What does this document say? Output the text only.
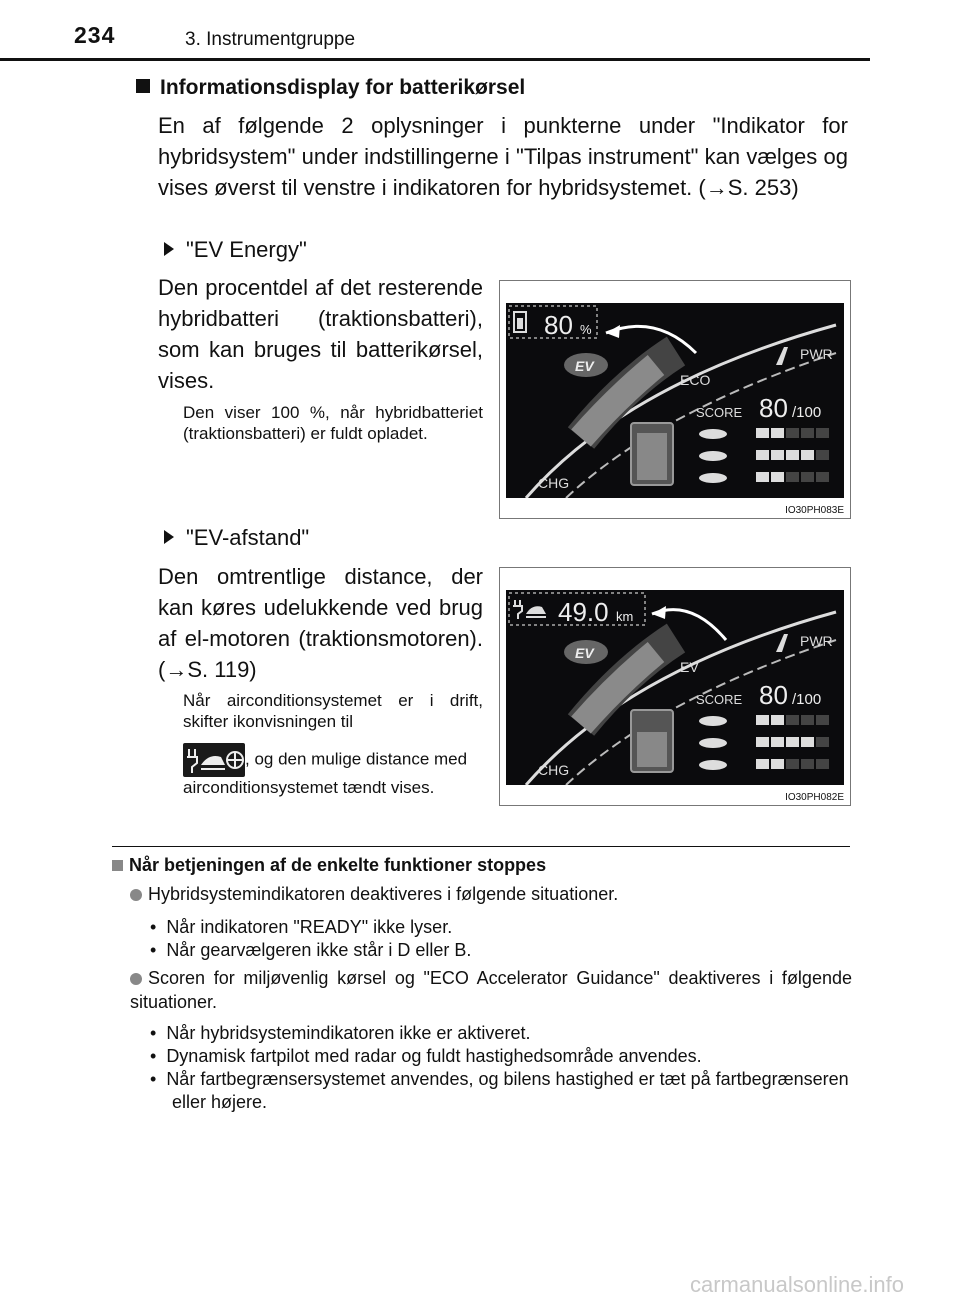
234	3. Instrumentgruppe
Informationsdisplay for batterikørsel
En af følgende 2 oplysninger i punkterne under "Indikator for hybridsystem" under indstillingerne i "Tilpas instrument" kan vælges og vises øverst til venstre i indikatoren for hybridsystemet. (→S. 253)
"EV Energy"
Den procentdel af det resterende hybridbatteri (traktionsbatteri), som kan bruges til batterikørsel, vises.
Den viser 100 %, når hybridbatteriet (traktionsbatteri) er fuldt opladet.
80 %
EV
ECO
PWR
SCORE 80 /100
CHG
IO30PH083E
"EV-afstand"
Den omtrentlige distance, der kan køres udelukkende ved brug af el-motoren (traktionsmotoren). (→S. 119)
Når airconditionsystemet er i drift, skifter ikonvisningen til
, og den mulige distance med airconditionsystemet tændt vises.
49.0 km
EV
EV
PWR
SCORE 80 /100
CHG
IO30PH082E
Når betjeningen af de enkelte funktioner stoppes
Hybridsystemindikatoren deaktiveres i følgende situationer.
•  Når indikatoren "READY" ikke lyser.
•  Når gearvælgeren ikke står i D eller B.
Scoren for miljøvenlig kørsel og "ECO Accelerator Guidance" deaktiveres i følgende situationer.
•  Når hybridsystemindikatoren ikke er aktiveret.
•  Dynamisk fartpilot med radar og fuldt hastighedsområde anvendes.
•  Når fartbegrænsersystemet anvendes, og bilens hastighed er tæt på fartbegrænseren eller højere.
carmanualsonline.info
